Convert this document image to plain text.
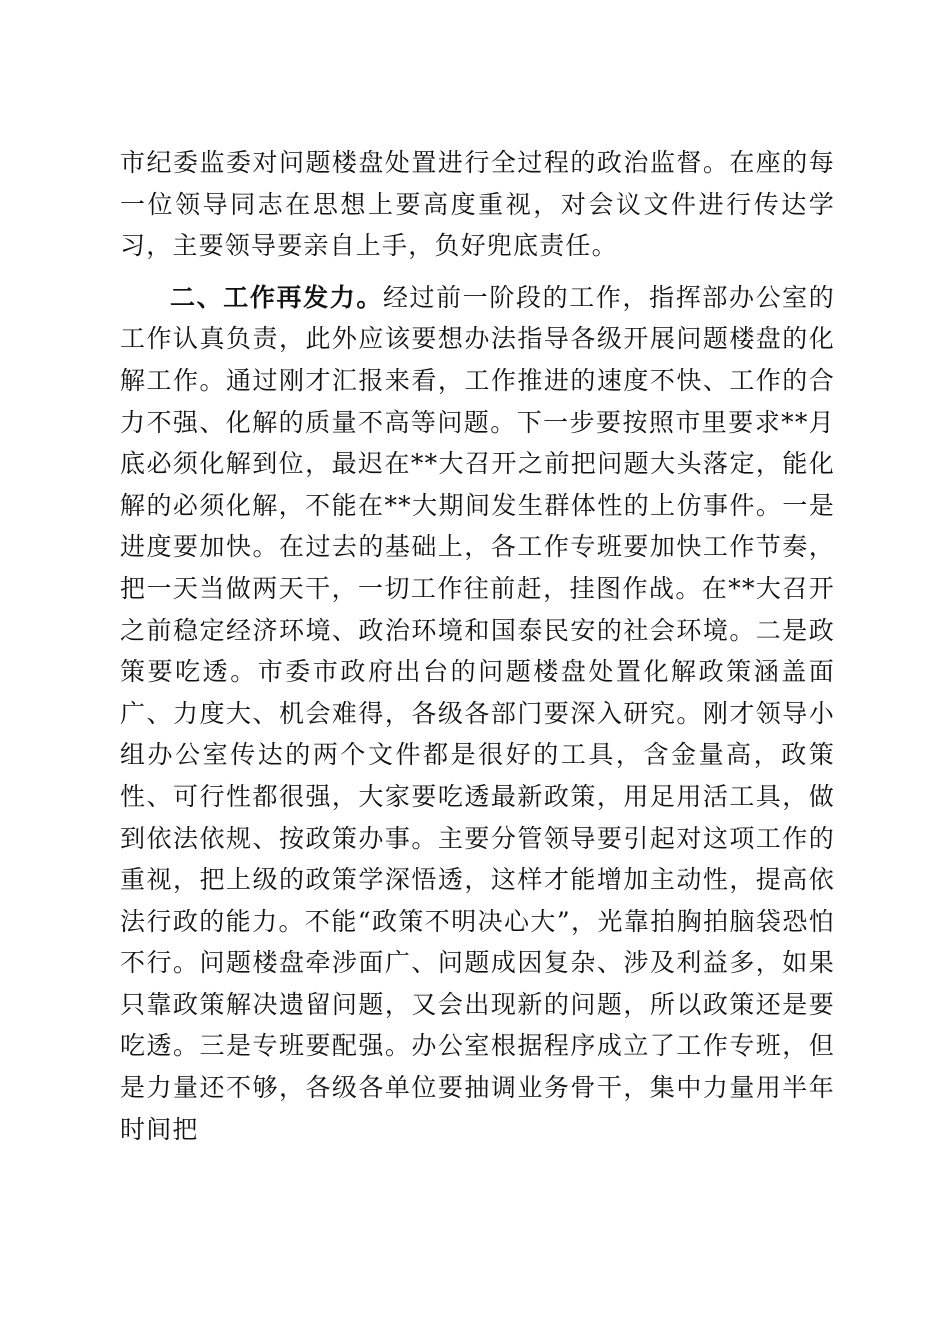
市纪委监委对问题楼盘处置进行全过程的政治监督。在座的每一位领导同志在思想上要高度重视，对会议文件进行传达学习，主要领导要亲自上手，负好兜底责任。

二、工作再发力。经过前一阶段的工作，指挥部办公室的工作认真负责，此外应该要想办法指导各级开展问题楼盘的化解工作。通过刚才汇报来看，工作推进的速度不快、工作的合力不强、化解的质量不高等问题。下一步要按照市里要求**月底必须化解到位，最迟在**大召开之前把问题大头落定，能化解的必须化解，不能在**大期间发生群体性的上仿事件。一是进度要加快。在过去的基础上，各工作专班要加快工作节奏，把一天当做两天干，一切工作往前赶，挂图作战。在**大召开之前稳定经济环境、政治环境和国泰民安的社会环境。二是政策要吃透。市委市政府出台的问题楼盘处置化解政策涵盖面广、力度大、机会难得，各级各部门要深入研究。刚才领导小组办公室传达的两个文件都是很好的工具，含金量高，政策性、可行性都很强，大家要吃透最新政策，用足用活工具，做到依法依规、按政策办事。主要分管领导要引起对这项工作的重视，把上级的政策学深悟透，这样才能增加主动性，提高依法行政的能力。不能“政策不明决心大”，光靠拍胸拍脑袋恐怕不行。问题楼盘牵涉面广、问题成因复杂、涉及利益多，如果只靠政策解决遗留问题，又会出现新的问题，所以政策还是要吃透。三是专班要配强。办公室根据程序成立了工作专班，但是力量还不够，各级各单位要抽调业务骨干，集中力量用半年时间把
